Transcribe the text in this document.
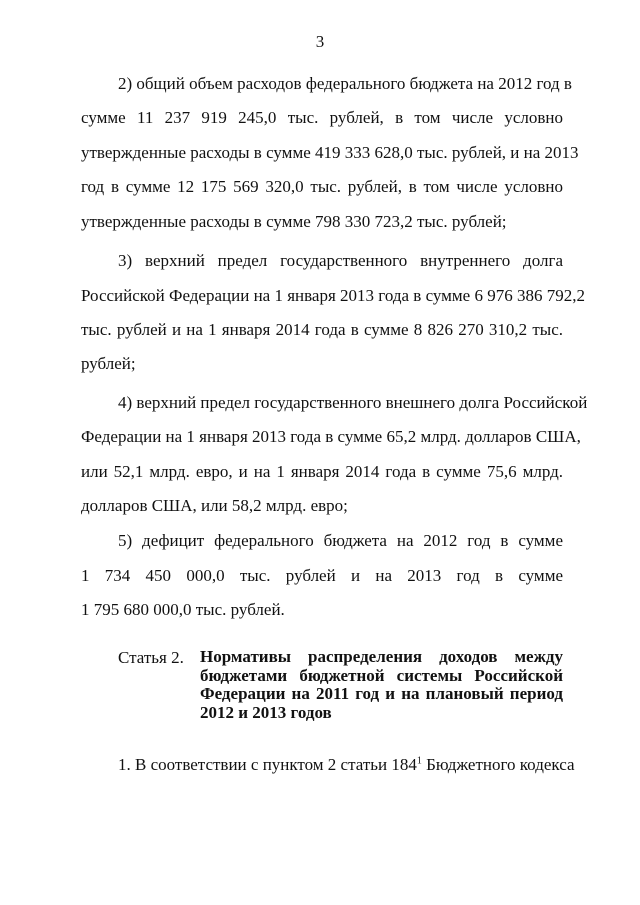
3
2) общий объем расходов федерального бюджета на 2012 год в
сумме 11 237 919 245,0 тыс. рублей, в том числе условно
утвержденные расходы в сумме 419 333 628,0 тыс. рублей, и на 2013
год в сумме 12 175 569 320,0 тыс. рублей, в том числе условно
утвержденные расходы в сумме 798 330 723,2 тыс. рублей;
3) верхний предел государственного внутреннего долга
Российской Федерации на 1 января 2013 года в сумме 6 976 386 792,2
тыс. рублей и на 1 января 2014 года в сумме 8 826 270 310,2 тыс.
рублей;
4) верхний предел государственного внешнего долга Российской
Федерации на 1 января 2013 года в сумме 65,2 млрд. долларов США,
или 52,1 млрд. евро, и на 1 января 2014 года в сумме 75,6 млрд.
долларов США, или 58,2 млрд. евро;
5) дефицит федерального бюджета на 2012 год в сумме
1 734 450 000,0 тыс. рублей и на 2013 год в сумме
1 795 680 000,0 тыс. рублей.
Статья 2. Нормативы распределения доходов между
бюджетами бюджетной системы Российской
Федерации на 2011 год и на плановый период
2012 и 2013 годов
1. В соответствии с пунктом 2 статьи $184^1$ Бюджетного кодекса
